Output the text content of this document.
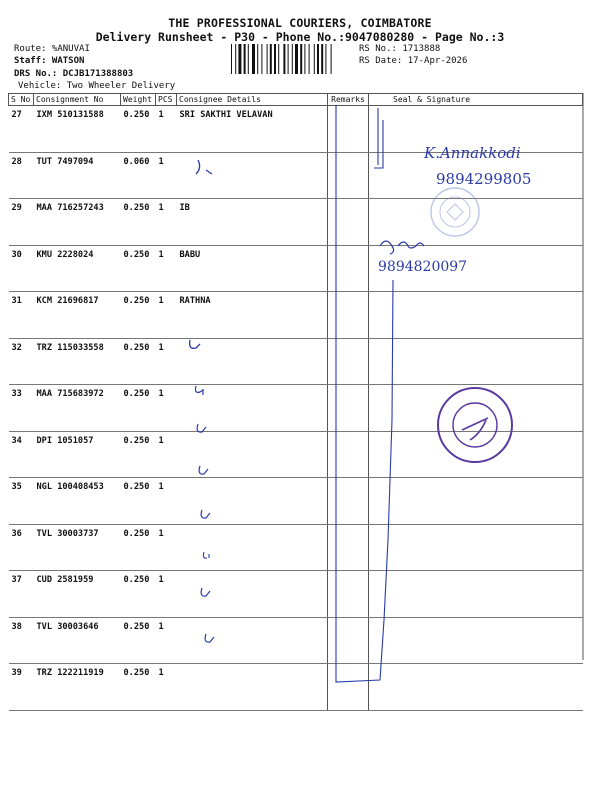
THE PROFESSIONAL COURIERS, COIMBATORE
Delivery Runsheet - P30 - Phone No.:9047080280 - Page No.:3
Route: %ANUVAI
Staff: WATSON
DRS No.: DCJB171388803
Vehicle: Two Wheeler Delivery
RS No.: 1713888
RS Date: 17-Apr-2026
S No	Consignment No	Weight	PCS	Consignee Details	Remarks	Seal & Signature
27	IXM 510131588	0.250	1	SRI SAKTHI VELAVAN		
28	TUT 7497094	0.060	1			
29	MAA 716257243	0.250	1	IB		
30	KMU 2228024	0.250	1	BABU		
31	KCM 21696817	0.250	1	RATHNA		
32	TRZ 115033558	0.250	1			
33	MAA 715683972	0.250	1			
34	DPI 1051057	0.250	1			
35	NGL 100408453	0.250	1			
36	TVL 30003737	0.250	1			
37	CUD 2581959	0.250	1			
38	TVL 30003646	0.250	1			
39	TRZ 122211919	0.250	1			
K.Annakkodi
9894299805
9894820097
